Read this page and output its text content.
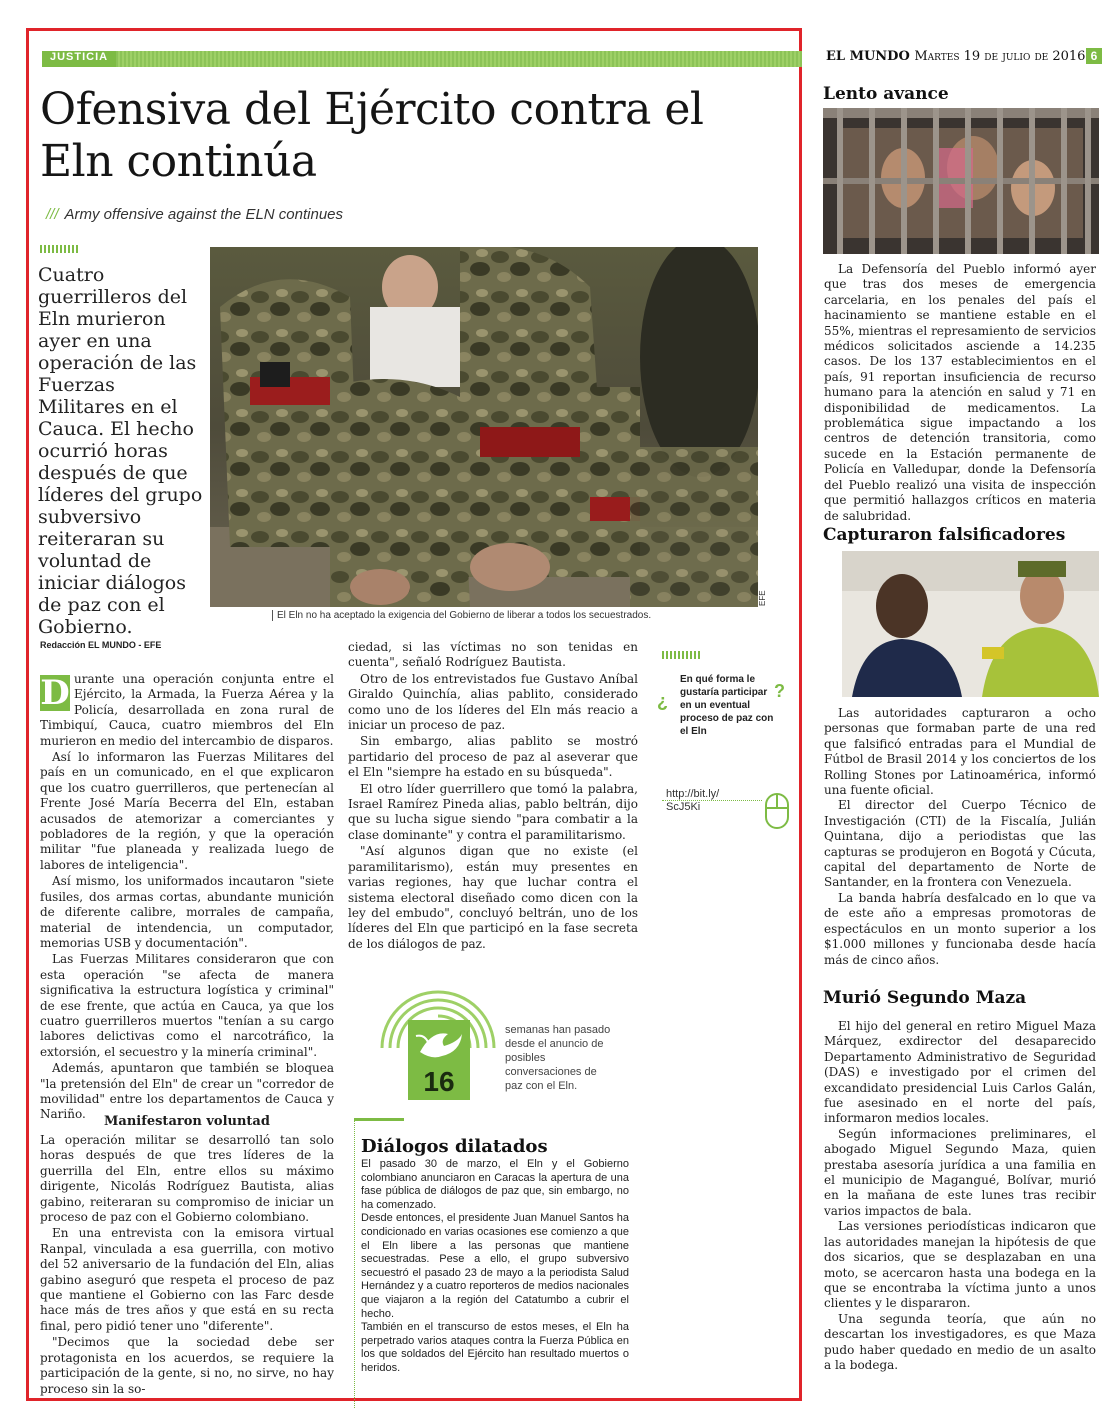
JUSTICIA
Ofensiva del Ejército contra el Eln continúa
/// Army offensive against the ELN continues
Cuatro guerrilleros del Eln murieron ayer en una operación de las Fuerzas Militares en el Cauca. El hecho ocurrió horas después de que líderes del grupo subversivo reiteraran su voluntad de iniciar diálogos de paz con el Gobierno.
El Eln no ha aceptado la exigencia del Gobierno de liberar a todos los secuestrados.
EFE
Redacción EL MUNDO - EFE
D urante una operación conjunta entre el Ejército, la Armada, la Fuerza Aérea y la Policía, desarrollada en zona rural de Timbiquí, Cauca, cuatro miembros del Eln murieron en medio del intercambio de disparos.

Así lo informaron las Fuerzas Militares del país en un comunicado, en el que explicaron que los cuatro guerrilleros, que pertenecían al Frente José María Becerra del Eln, estaban acusados de atemorizar a comerciantes y pobladores de la región, y que la operación militar "fue planeada y realizada luego de labores de inteligencia".

Así mismo, los uniformados incautaron "siete fusiles, dos armas cortas, abundante munición de diferente calibre, morrales de campaña, material de intendencia, un computador, memorias USB y documentación".

Las Fuerzas Militares consideraron que con esta operación "se afecta de manera significativa la estructura logística y criminal" de ese frente, que actúa en Cauca, ya que los cuatro guerrilleros muertos "tenían a su cargo labores delictivas como el narcotráfico, la extorsión, el secuestro y la minería criminal".

Además, apuntaron que también se bloquea "la pretensión del Eln" de crear un "corredor de movilidad" entre los departamentos de Cauca y Nariño.	Manifestaron voluntad

La operación militar se desarrolló tan solo horas después de que tres líderes de la guerrilla del Eln, entre ellos su máximo dirigente, Nicolás Rodríguez Bautista, alias gabino, reiteraran su compromiso de iniciar un proceso de paz con el Gobierno colombiano.

En una entrevista con la emisora virtual Ranpal, vinculada a esa guerrilla, con motivo del 52 aniversario de la fundación del Eln, alias gabino aseguró que respeta el proceso de paz que mantiene el Gobierno con las Farc desde hace más de tres años y que está en su recta final, pero pidió tener uno "diferente".

"Decimos que la sociedad debe ser protagonista en los acuerdos, se requiere la participación de la gente, si no, no sirve, no hay proceso sin la so-

ciedad, si las víctimas no son tenidas en cuenta", señaló Rodríguez Bautista.

Otro de los entrevistados fue Gustavo Aníbal Giraldo Quinchía, alias pablito, considerado como uno de los líderes del Eln más reacio a iniciar un proceso de paz.

Sin embargo, alias pablito se mostró partidario del proceso de paz al aseverar que el Eln "siempre ha estado en su búsqueda".

El otro líder guerrillero que tomó la palabra, Israel Ramírez Pineda alias, pablo beltrán, dijo que su lucha sigue siendo "para combatir a la clase dominante" y contra el paramilitarismo.

"Así algunos digan que no existe (el paramilitarismo), están muy presentes en varias regiones, hay que luchar contra el sistema electoral diseñado como dicen con la ley del embudo", concluyó beltrán, uno de los líderes del Eln que participó en la fase secreta de los diálogos de paz.

¿	?
En qué forma le gustaría participar en un eventual proceso de paz con el Eln
http://bit.ly/ ScJ5Ki
16
semanas han pasado desde el anuncio de posibles conversaciones de paz con el Eln.
Diálogos dilatados

El pasado 30 de marzo, el Eln y el Gobierno colombiano anunciaron en Caracas la apertura de una fase pública de diálogos de paz que, sin embargo, no ha comenzado.

Desde entonces, el presidente Juan Manuel Santos ha condicionado en varias ocasiones ese comienzo a que el Eln libere a las personas que mantiene secuestradas. Pese a ello, el grupo subversivo secuestró el pasado 23 de mayo a la periodista Salud Hernández y a cuatro reporteros de medios nacionales que viajaron a la región del Catatumbo a cubrir el hecho.

También en el transcurso de estos meses, el Eln ha perpetrado varios ataques contra la Fuerza Pública en los que soldados del Ejército han resultado muertos o heridos.

EL MUNDO Martes 19 de julio de 2016 6
Lento avance

La Defensoría del Pueblo informó ayer que tras dos meses de emergencia carcelaria, en los penales del país el hacinamiento se mantiene estable en el 55%, mientras el represamiento de servicios médicos solicitados asciende a 14.235 casos. De los 137 establecimientos en el país, 91 reportan insuficiencia de recurso humano para la atención en salud y 71 en disponibilidad de medicamentos. La problemática sigue impactando a los centros de detención transitoria, como sucede en la Estación permanente de Policía en Valledupar, donde la Defensoría del Pueblo realizó una visita de inspección que permitió hallazgos críticos en materia de salubridad.

Capturaron falsificadores

Las autoridades capturaron a ocho personas que formaban parte de una red que falsificó entradas para el Mundial de Fútbol de Brasil 2014 y los conciertos de los Rolling Stones por Latinoamérica, informó una fuente oficial.

El director del Cuerpo Técnico de Investigación (CTI) de la Fiscalía, Julián Quintana, dijo a periodistas que las capturas se produjeron en Bogotá y Cúcuta, capital del departamento de Norte de Santander, en la frontera con Venezuela.

La banda habría desfalcado en lo que va de este año a empresas promotoras de espectáculos en un monto superior a los $1.000 millones y funcionaba desde hacía más de cinco años.

Murió Segundo Maza

El hijo del general en retiro Miguel Maza Márquez, exdirector del desaparecido Departamento Administrativo de Seguridad (DAS) e investigado por el crimen del excandidato presidencial Luis Carlos Galán, fue asesinado en el norte del país, informaron medios locales.

Según informaciones preliminares, el abogado Miguel Segundo Maza, quien prestaba asesoría jurídica a una familia en el municipio de Magangué, Bolívar, murió en la mañana de este lunes tras recibir varios impactos de bala.

Las versiones periodísticas indicaron que las autoridades manejan la hipótesis de que dos sicarios, que se desplazaban en una moto, se acercaron hasta una bodega en la que se encontraba la víctima junto a unos clientes y le dispararon.

Una segunda teoría, que aún no descartan los investigadores, es que Maza pudo haber quedado en medio de un asalto a la bodega.
